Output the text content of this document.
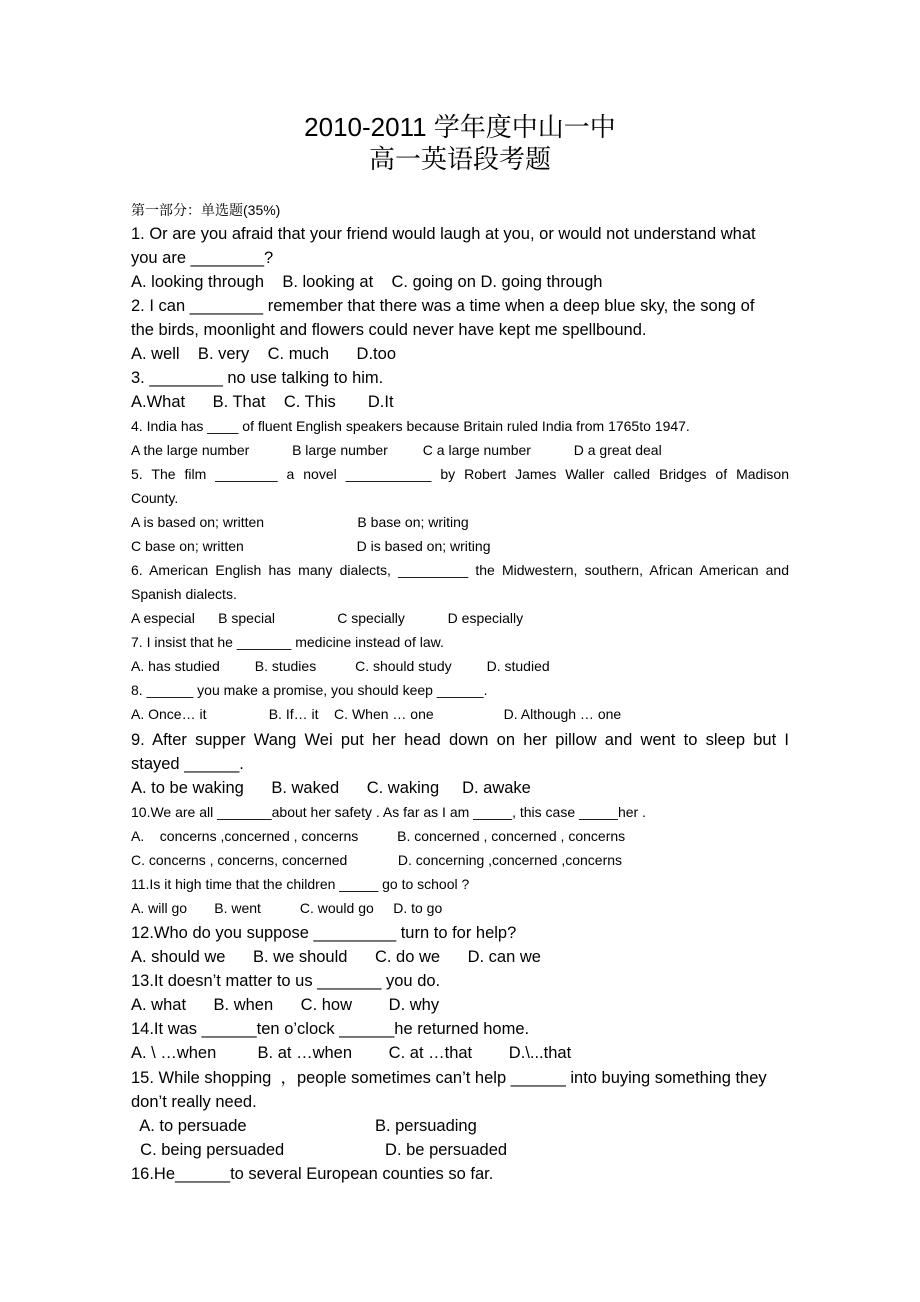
2010-2011 学年度中山一中
高一英语段考题

第一部分：单选题(35%)

1. Or are you afraid that your friend would laugh at you, or would not understand what

you are ________?

A. looking through    B. looking at    C. going on D. going through

2. I can ________ remember that there was a time when a deep blue sky, the song of

the birds, moonlight and flowers could never have kept me spellbound.

A. well    B. very    C. much      D.too

3. ________ no use talking to him.

A.What      B. That    C. This       D.It

4. India has ____ of fluent English speakers because Britain ruled India from 1765to 1947.

A the large number           B large number         C a large number           D a great deal

5. The film ________ a novel ___________ by Robert James Waller called Bridges of Madison

County.

A is based on; written                        B base on; writing

C base on; written                             D is based on; writing

6. American English has many dialects, _________ the Midwestern, southern, African American and

Spanish dialects.

A especial      B special                C specially           D especially

7. I insist that he _______ medicine instead of law.

A. has studied         B. studies          C. should study         D. studied

8. ______ you make a promise, you should keep ______.

A. Once… it                B. If… it    C. When … one                  D. Although … one

9. After supper Wang Wei put her head down on her pillow and went to sleep but I

stayed ______.

A. to be waking      B. waked      C. waking     D. awake

10.We are all _______about her safety . As far as I am _____, this case _____her .

A.    concerns ,concerned , concerns          B. concerned , concerned , concerns

C. concerns , concerns, concerned             D. concerning ,concerned ,concerns

11.Is it high time that the children _____ go to school ?

A. will go       B. went          C. would go     D. to go

12.Who do you suppose _________ turn to for help?

A. should we      B. we should      C. do we      D. can we

13.It doesn’t matter to us _______ you do.

A. what      B. when      C. how        D. why

14.It was ______ten o’clock ______he returned home.

A. \ …when         B. at …when        C. at …that        D.\...that

15. While shopping  ，people sometimes can’t help ______ into buying something they

don’t really need.

A. to persuade                            B. persuading

C. being persuaded                      D. be persuaded

16.He______to several European counties so far.
